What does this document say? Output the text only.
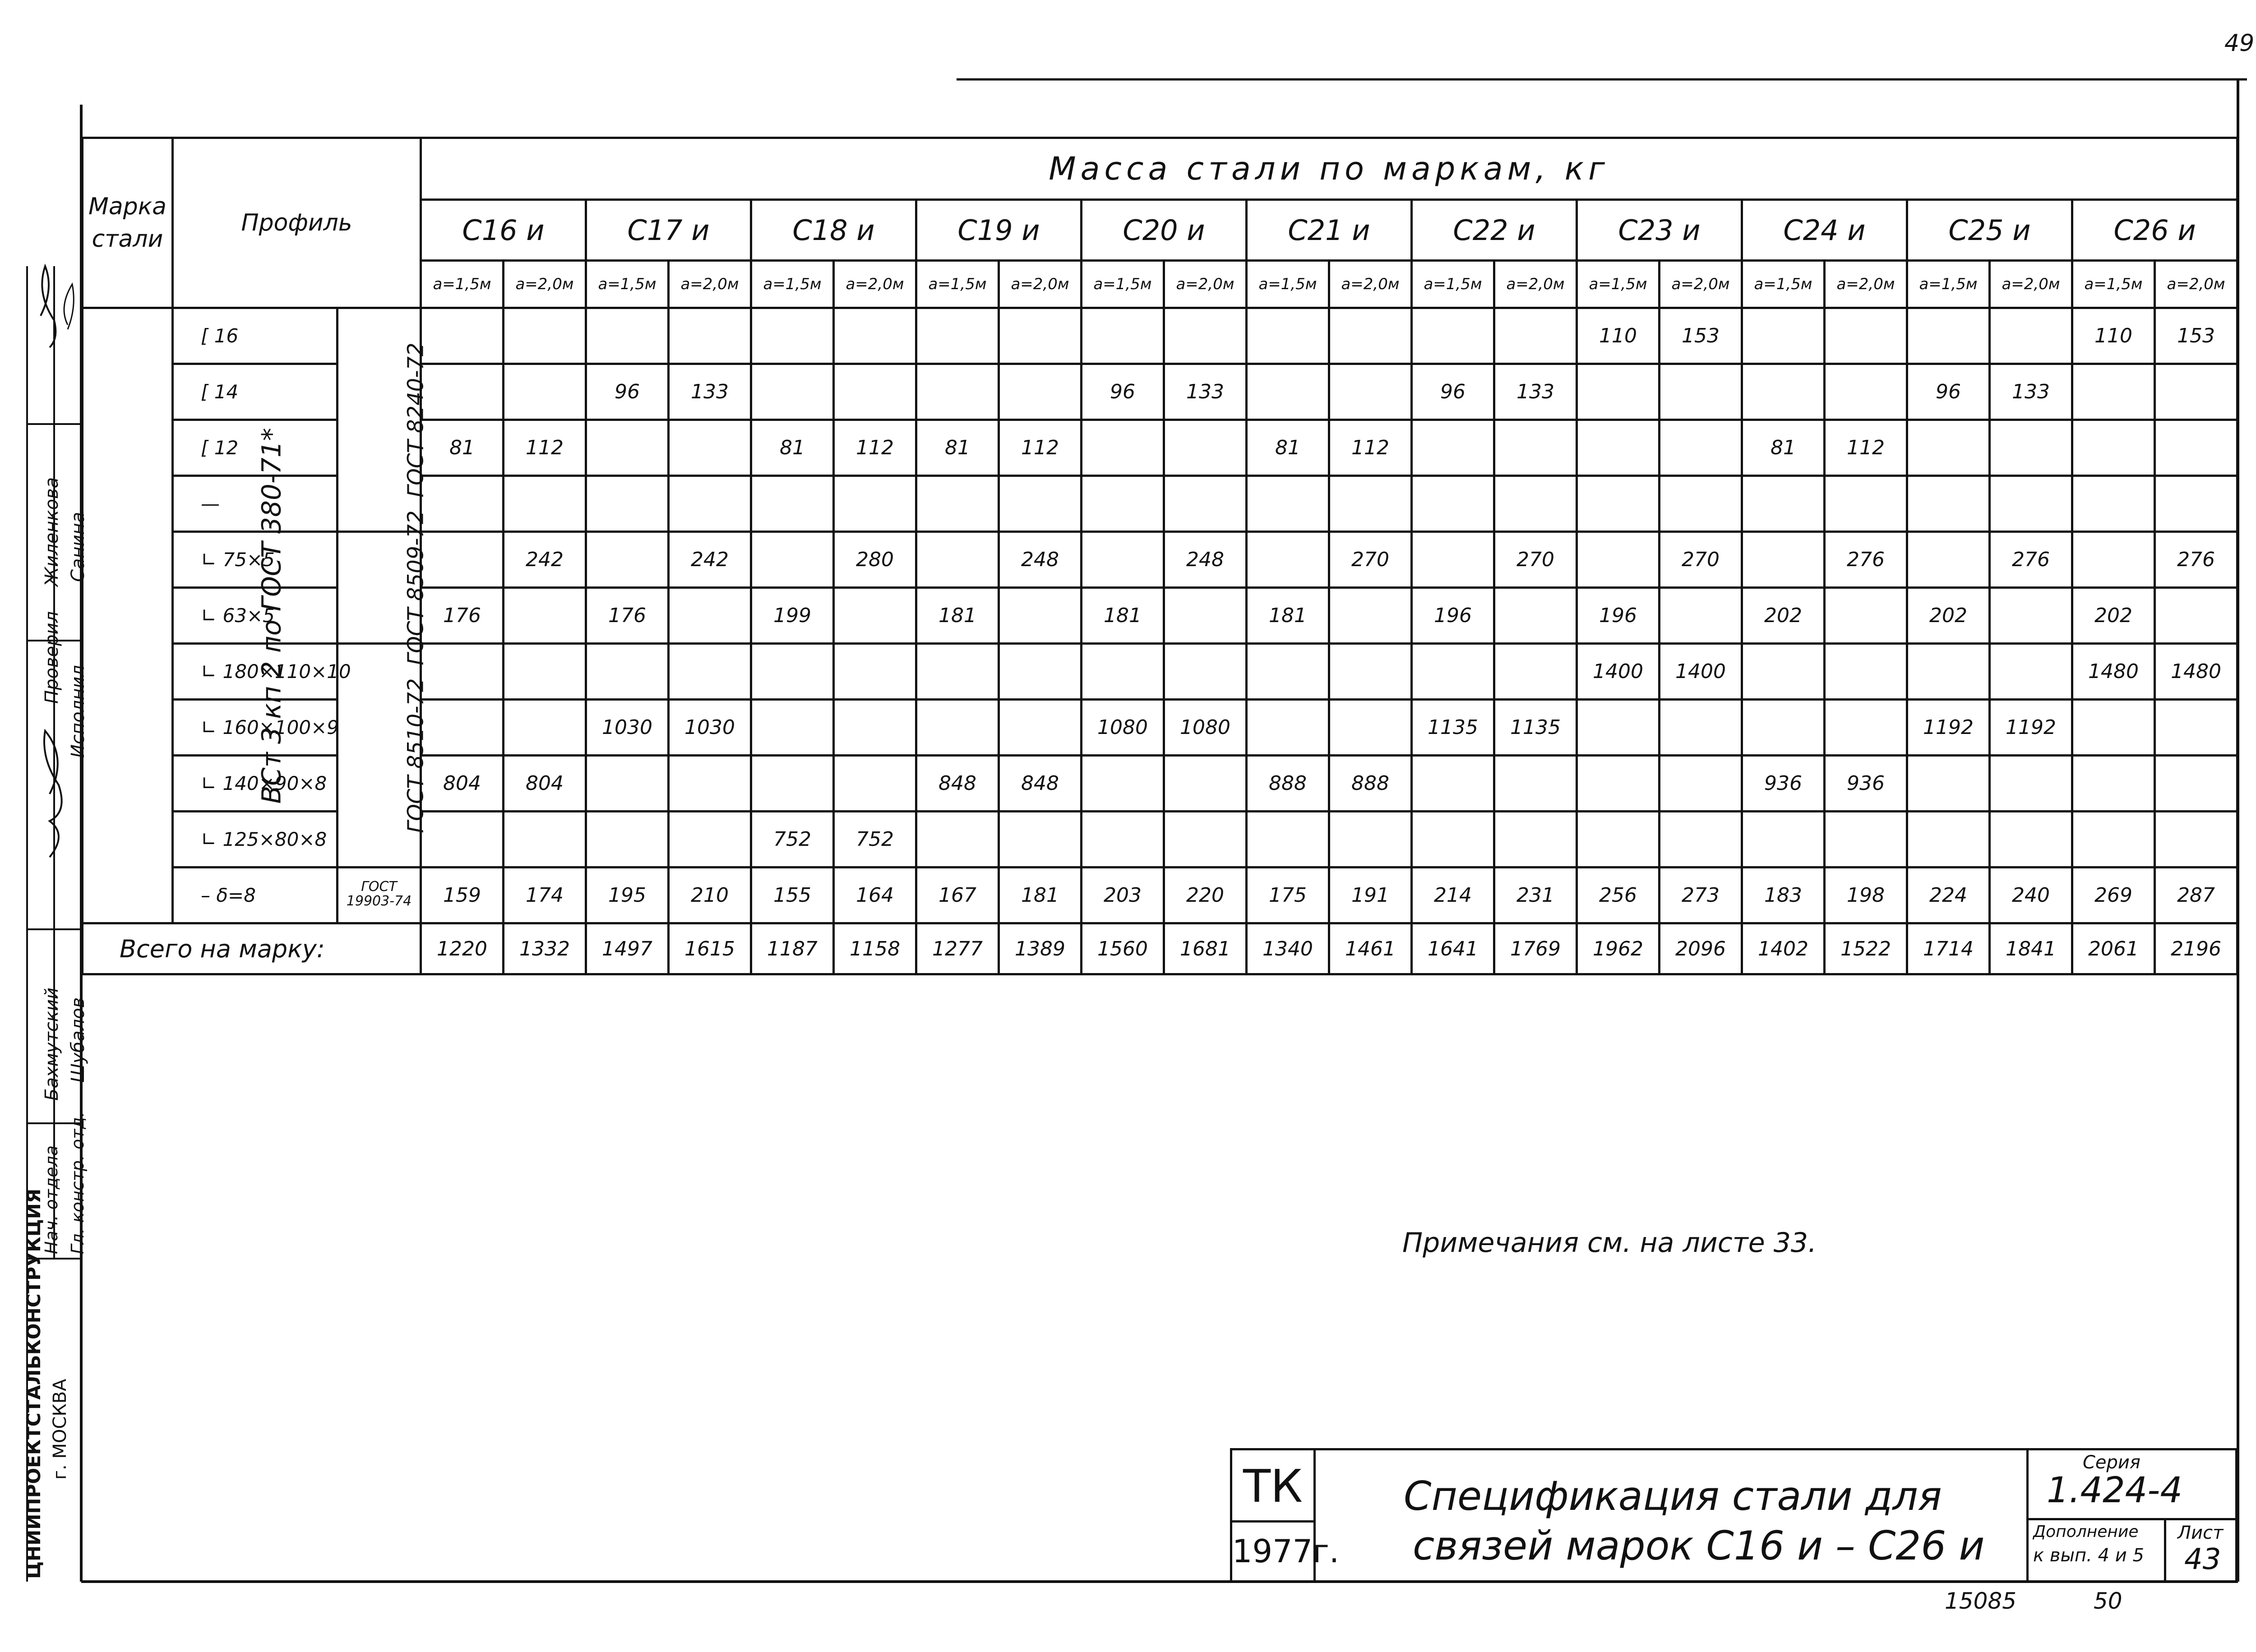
49
Проверил
Исполнил
Жиленкова Санина
Бахмутский Шубалов
Нач. отдела Гл. констр. отд.
ЦНИИПРОЕКТСТАЛЬКОНСТРУКЦИЯ г. МОСКВА
Марка стали	Профиль		Масса стали по маркам, кг																					
			С16 и		С17 и		С18 и		С19 и		С20 и		С21 и		С22 и		С23 и		С24 и		С25 и		С26 и	
			a=1,5м	a=2,0м	a=1,5м	a=2,0м	a=1,5м	a=2,0м	a=1,5м	a=2,0м	a=1,5м	a=2,0м	a=1,5м	a=2,0м	a=1,5м	a=2,0м	a=1,5м	a=2,0м	a=1,5м	a=2,0м	a=1,5м	a=2,0м	a=1,5м	a=2,0м
ВСт 3 кп 2 по ГОСТ 380-71*	[ 16	ГОСТ 8240-72															110	153					110	153
	[ 14				96	133					96	133			96	133					96	133		
	[ 12		81	112			81	112	81	112			81	112					81	112				
	—																							
	∟ 75×5	ГОСТ 8509-72		242		242		280		248		248		270		270		270		276		276		276
	∟ 63×5		176		176		199		181		181		181		196		196		202		202		202	
	∟ 180×110×10	ГОСТ 8510-72															1400	1400					1480	1480
	∟ 160×100×9				1030	1030					1080	1080			1135	1135					1192	1192		
	∟ 140×90×8		804	804					848	848			888	888					936	936				
	∟ 125×80×8						752	752																
	– δ=8	ГОСТ 19903-74	159	174	195	210	155	164	167	181	203	220	175	191	214	231	256	273	183	198	224	240	269	287
Всего на марку:			1220	1332	1497	1615	1187	1158	1277	1389	1560	1681	1340	1461	1641	1769	1962	2096	1402	1522	1714	1841	2061	2196
Примечания см. на листе 33.
ТК
1977г.
Спецификация стали для
связей марок С16 и – С26 и
Серия
1.424-4
Дополнение
к вып. 4 и 5
Лист
43
15085	50
